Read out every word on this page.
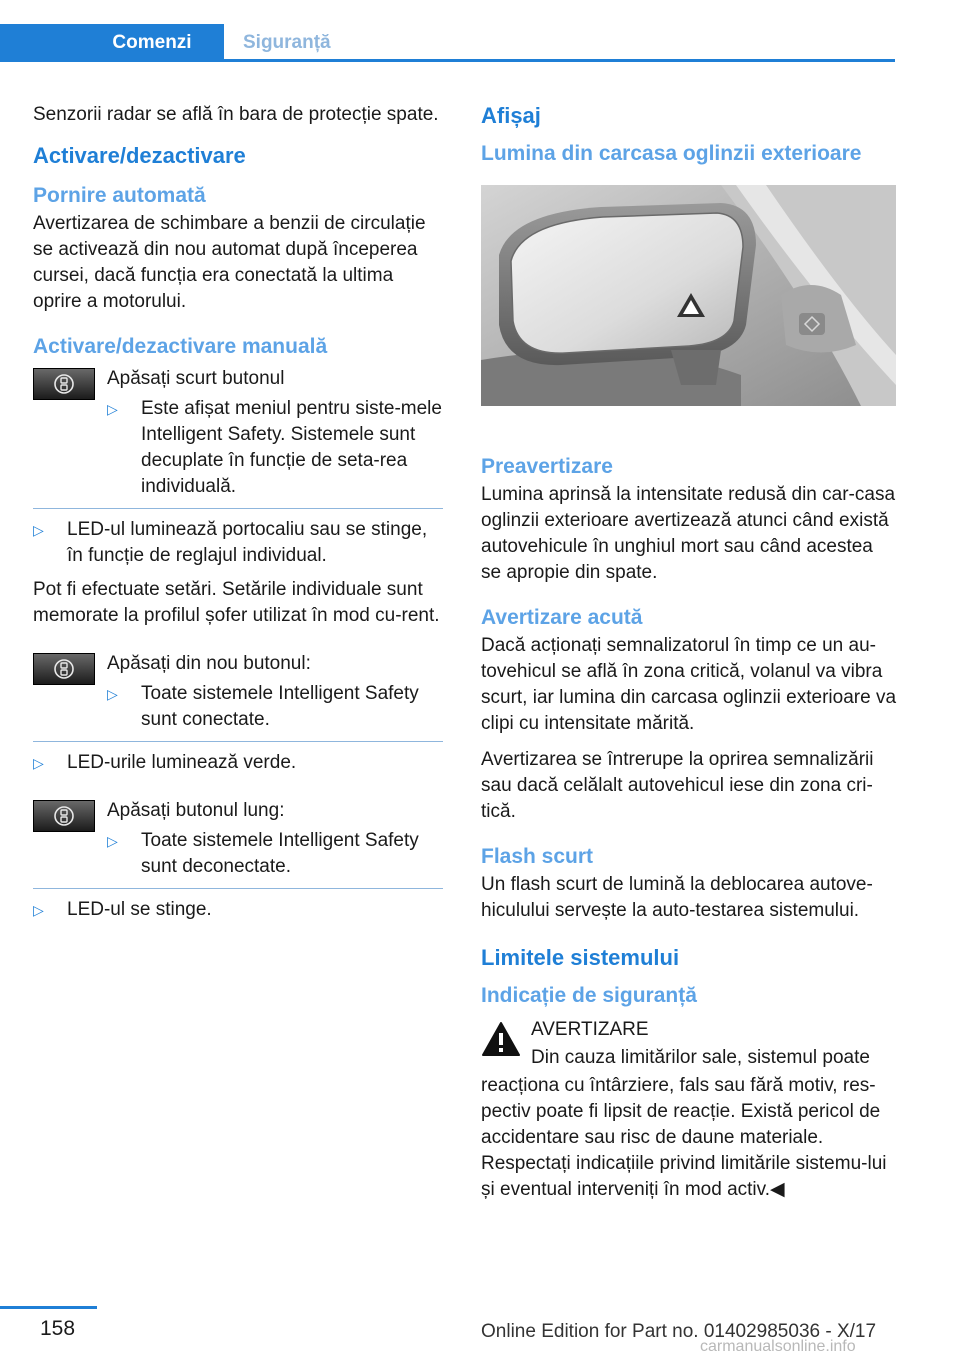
Comenzi	Siguranță

Senzorii radar se află în bara de protecție spate.

Activare/dezactivare
Pornire automată

Avertizarea de schimbare a benzii de circulație se activează din nou automat după începerea cursei, dacă funcția era conectată la ultima oprire a motorului.

Activare/dezactivare manuală

Apăsați scurt butonul

▷ Este afișat meniul pentru siste‐mele Intelligent Safety. Sistemele sunt decuplate în funcție de seta‐rea individuală.
▷ LED-ul luminează portocaliu sau se stinge, în funcție de reglajul individual.

Pot fi efectuate setări. Setările individuale sunt memorate la profilul șofer utilizat în mod cu‐rent.

Apăsați din nou butonul:

▷ Toate sistemele Intelligent Safety sunt conectate.
▷ LED-urile luminează verde.

Apăsați butonul lung:

▷ Toate sistemele Intelligent Safety sunt deconectate.
▷ LED-ul se stinge.
Afișaj
Lumina din carcasa oglinzii exterioare
Preavertizare

Lumina aprinsă la intensitate redusă din car‐casa oglinzii exterioare avertizează atunci când există autovehicule în unghiul mort sau când acestea se apropie din spate.

Avertizare acută

Dacă acționați semnalizatorul în timp ce un au‐tovehicul se află în zona critică, volanul va vibra scurt, iar lumina din carcasa oglinzii exterioare va clipi cu intensitate mărită.

Avertizarea se întrerupe la oprirea semnalizării sau dacă celălalt autovehicul iese din zona cri‐tică.

Flash scurt

Un flash scurt de lumină la deblocarea autove‐hiculului servește la auto-testarea sistemului.

Limitele sistemului
Indicație de siguranță

AVERTIZARE

Din cauza limitărilor sale, sistemul poate

reacționa cu întârziere, fals sau fără motiv, res‐pectiv poate fi lipsit de reacție. Există pericol de accidentare sau risc de daune materiale. Respectați indicațiile privind limitările sistemu‐lui și eventual interveniți în mod activ.◀

158	Online Edition for Part no. 01402985036 - X/17
carmanualsonline.info
